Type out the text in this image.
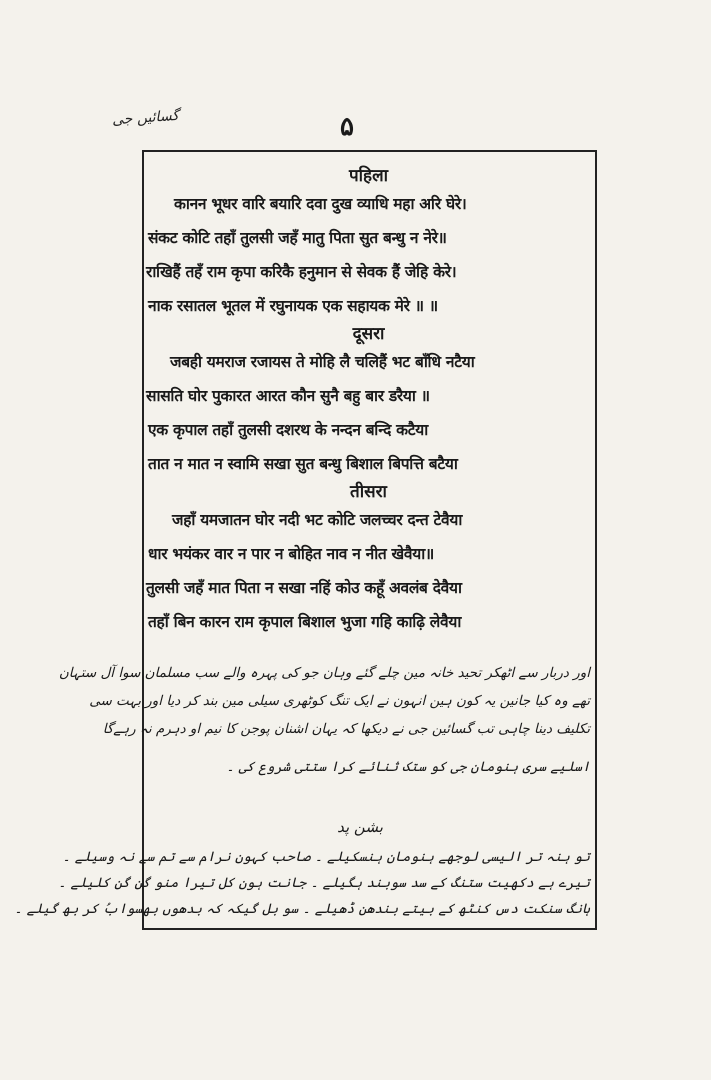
گسائیں جی	۵

पहिला

कानन भूधर वारि बयारि दवा दुख व्याधि महा अरि घेरे।

संकट कोटि तहाँ तुलसी जहँ मातु पिता सुत बन्धु न नेरे॥

राखिहैं तहँ राम कृपा करिकै हनुमान से सेवक हैं जेहि केरे।

नाक रसातल भूतल में रघुनायक एक सहायक मेरे ॥ ॥

दूसरा

जबही यमराज रजायस ते मोहि लै चलिहैं भट बाँधि नटैया

सासति घोर पुकारत आरत कौन सुनै बहु बार डरैया ॥

एक कृपाल तहाँ तुलसी दशरथ के नन्दन बन्दि कटैया

तात न मात न स्वामि सखा सुत बन्धु बिशाल बिपत्ति बटैया

तीसरा

जहाँ यमजातन घोर नदी भट कोटि जलच्चर दन्त टेवैया

धार भयंकर वार न पार न बोहित नाव न नीत खेवैया॥

तुलसी जहँ मात पिता न सखा नहिं कोउ कहूँ अवलंब देवैया

तहाँ बिन कारन राम कृपाल बिशाल भुजा गहि काढ़ि लेवैया

اور دربار سے اٹھکر تحید خانہ مین چلے گئے وہان جو کی پہرہ والے سب مسلمان سوا آل ستہان
تھے وہ کیا جانین یہ کون ہین انہون نے ایک تنگ کوٹھری سیلی مین بند کر دیا اور بہت سی
تکلیف دینا چاہی تب گسائین جی نے دیکھا کہ یہان اشنان پوجن کا نیم او دہرم نہ رہےگا
اسلیے سری ہنومان جی کو ستک ثنائے کرا ستتی شروع کی ۔
بشن پد
تو ہنہ تر الیسی لوجھے ہنومان ہنسکیلے ۔ صاحب کہون نرام سے تم سے نہ وسیلے ۔
تیرے ہے دکھیت ستنگ کے سد سوبند ہگیلے ۔ جانت ہون کل تیرا منو گن گن کلیلے ۔
ہانگ سنکت دس کنٹھ کے بیتے بندھن ڈھیلے ۔ سو بل گیکہ کہ بدھوں بھسوابُ کر بھ گیلے ۔
